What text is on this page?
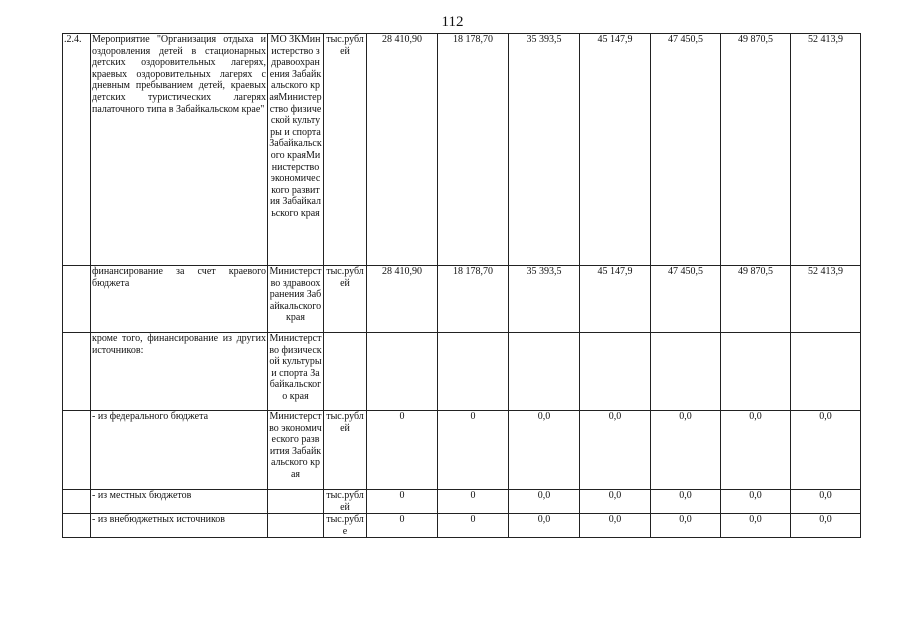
112
.2.4.	Мероприятие "Организация отдыха и оздоровления детей в стационарных детских оздоровительных лагерях, краевых оздоровительных лагерях с дневным пребыванием детей, краевых детских туристических лагерях палаточного типа в Забайкальском крае"	МО ЗКМинистерство здравоохранения Забайкальского краяМинистерство физической культуры и спорта Забайкальского краяМинистерство экономического развития Забайкальского края	тыс.рублей	28 410,90	18 178,70	35 393,5	45 147,9	47 450,5	49 870,5	52 413,9
	финансирование за счет краевого бюджета	Министерство здравоохранения Забайкальского края	тыс.рублей	28 410,90	18 178,70	35 393,5	45 147,9	47 450,5	49 870,5	52 413,9
	кроме того, финансирование из других источников:	Министерство физической культуры и спорта Забайкальского края								
	- из федерального бюджета	Министерство экономического развития Забайкальского края	тыс.рублей	0	0	0,0	0,0	0,0	0,0	0,0
	- из местных бюджетов		тыс.рублей	0	0	0,0	0,0	0,0	0,0	0,0
	- из внебюджетных источников		тыс.рубле	0	0	0,0	0,0	0,0	0,0	0,0
